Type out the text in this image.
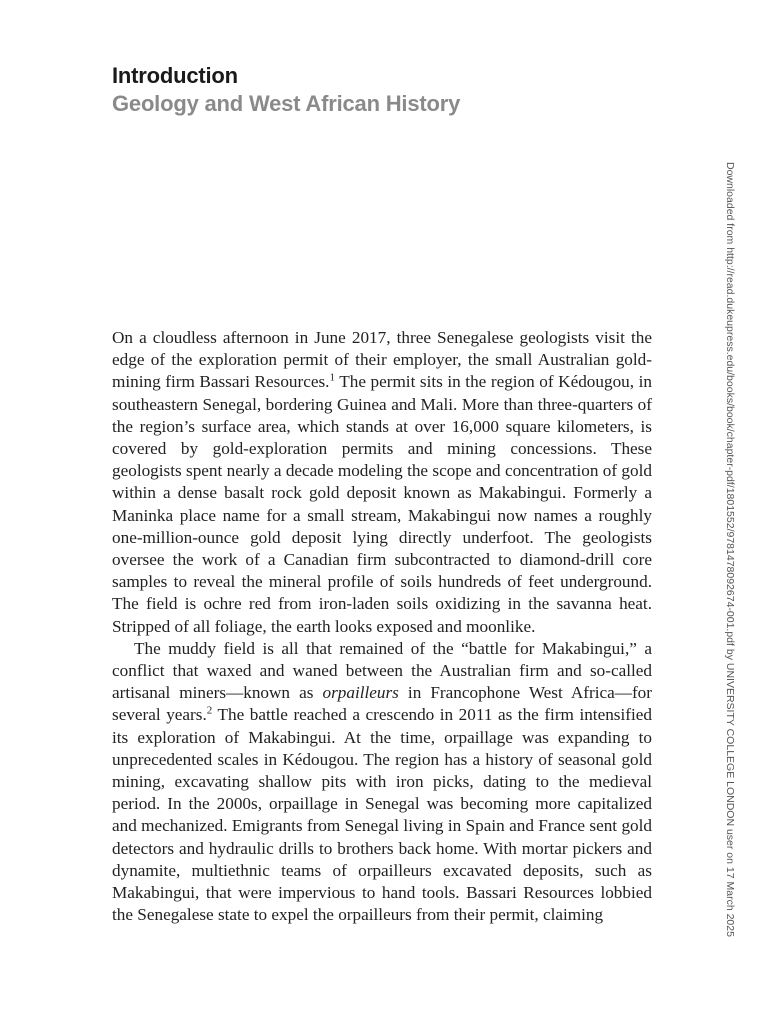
Introduction
Geology and West African History
Downloaded from http://read.dukeupress.edu/books/book/chapter-pdf/1801552/9781478092674-001.pdf by UNIVERSITY COLLEGE LONDON user on 17 March 2025

On a cloudless afternoon in June 2017, three Senegalese geologists visit the edge of the exploration permit of their employer, the small Australian gold-mining firm Bassari Resources.$^1$ The permit sits in the region of Kédougou, in southeastern Senegal, bordering Guinea and Mali. More than three-quarters of the region’s surface area, which stands at over 16,000 square kilometers, is covered by gold-exploration permits and mining concessions. These geologists spent nearly a decade modeling the scope and concentration of gold within a dense basalt rock gold deposit known as Makabingui. Formerly a Maninka place name for a small stream, Makabingui now names a roughly one-million-ounce gold deposit lying directly underfoot. The geologists oversee the work of a Canadian firm subcontracted to diamond-drill core samples to reveal the mineral profile of soils hundreds of feet underground. The field is ochre red from iron-laden soils oxidizing in the savanna heat. Stripped of all foliage, the earth looks exposed and moonlike.

The muddy field is all that remained of the “battle for Makabingui,” a conflict that waxed and waned between the Australian firm and so-called artisanal miners—known as orpailleurs in Francophone West Africa—for several years.$^2$ The battle reached a crescendo in 2011 as the firm intensified its exploration of Makabingui. At the time, orpaillage was expanding to unprecedented scales in Kédougou. The region has a history of seasonal gold mining, excavating shallow pits with iron picks, dating to the medieval period. In the 2000s, orpaillage in Senegal was becoming more capitalized and mechanized. Emigrants from Senegal living in Spain and France sent gold detectors and hydraulic drills to brothers back home. With mortar pickers and dynamite, multiethnic teams of orpailleurs excavated deposits, such as Makabingui, that were impervious to hand tools. Bassari Resources lobbied the Senegalese state to expel the orpailleurs from their permit, claiming
